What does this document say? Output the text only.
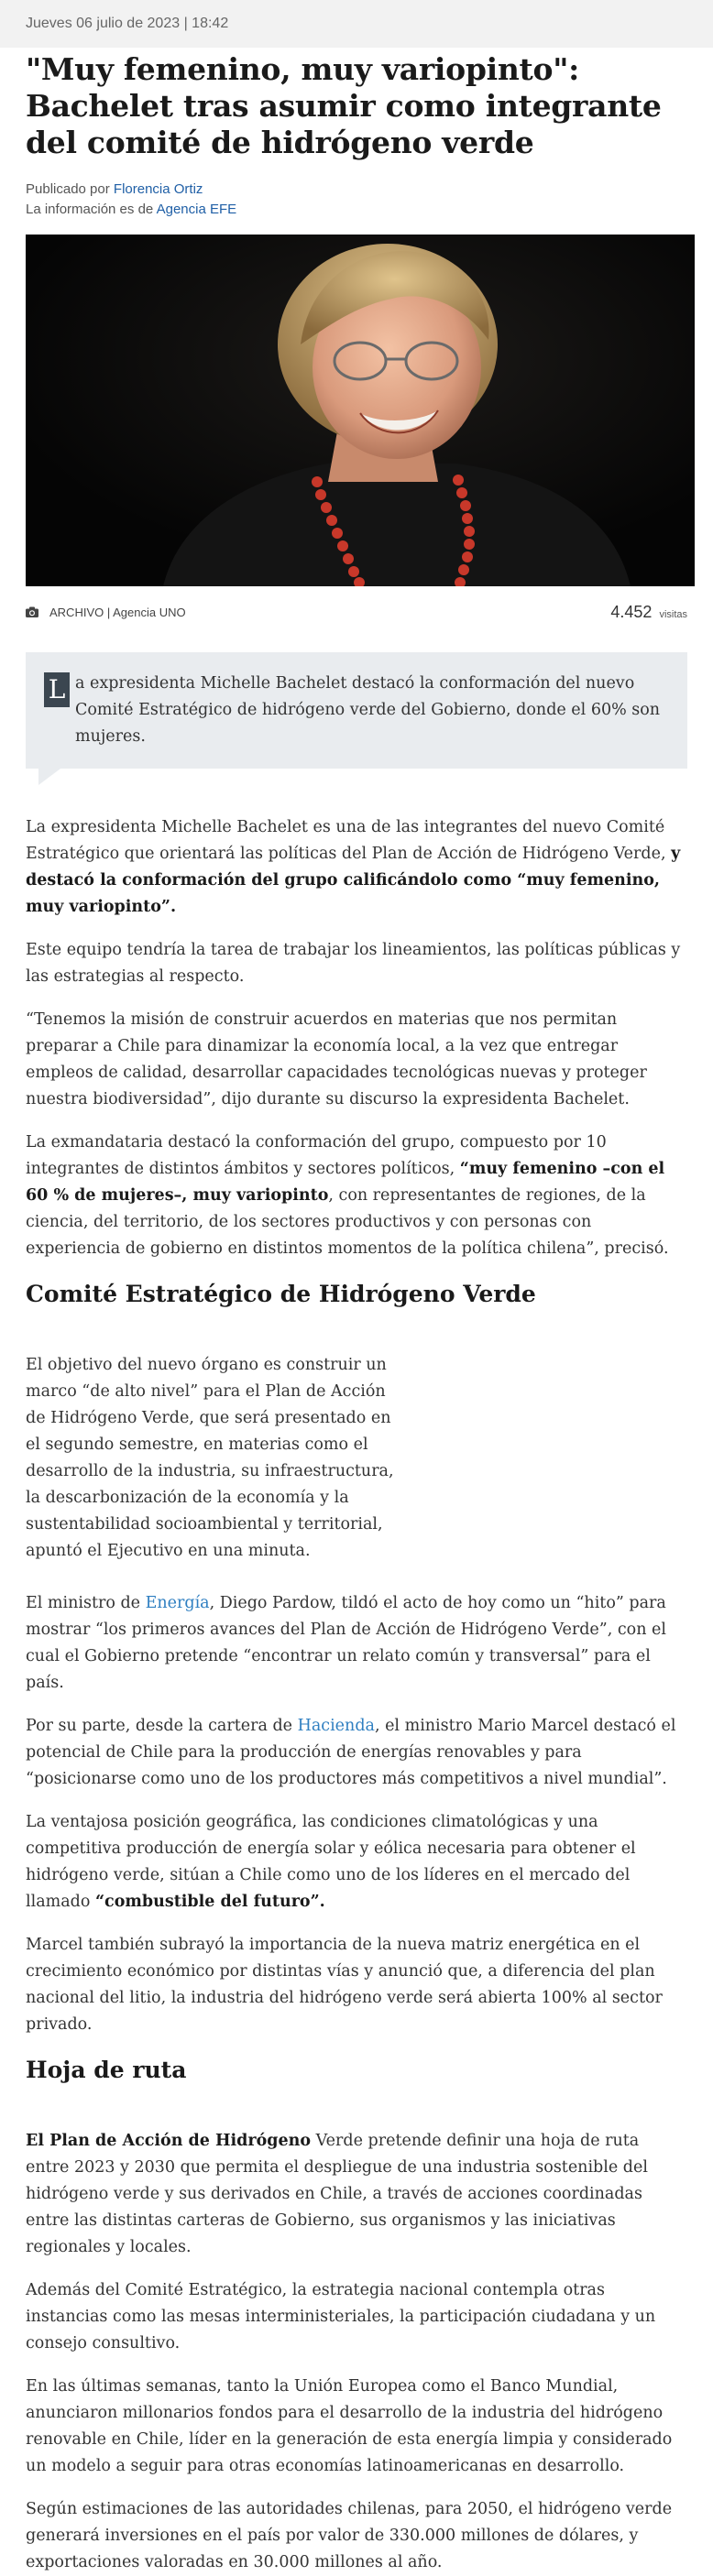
Jueves 06 julio de 2023 | 18:42
"Muy femenino, muy variopinto": Bachelet tras asumir como integrante del comité de hidrógeno verde
Publicado por Florencia Ortiz
La información es de Agencia EFE
ARCHIVO | Agencia UNO	4.452 visitas
L a expresidenta Michelle Bachelet destacó la conformación del nuevo Comité Estratégico de hidrógeno verde del Gobierno, donde el 60% son mujeres.

La expresidenta Michelle Bachelet es una de las integrantes del nuevo Comité Estratégico que orientará las políticas del Plan de Acción de Hidrógeno Verde, y destacó la conformación del grupo calificándolo como “muy femenino, muy variopinto”.

Este equipo tendría la tarea de trabajar los lineamientos, las políticas públicas y las estrategias al respecto.

“Tenemos la misión de construir acuerdos en materias que nos permitan preparar a Chile para dinamizar la economía local, a la vez que entregar empleos de calidad, desarrollar capacidades tecnológicas nuevas y proteger nuestra biodiversidad”, dijo durante su discurso la expresidenta Bachelet.

La exmandataria destacó la conformación del grupo, compuesto por 10 integrantes de distintos ámbitos y sectores políticos, “muy femenino –con el 60 % de mujeres–, muy variopinto, con representantes de regiones, de la ciencia, del territorio, de los sectores productivos y con personas con experiencia de gobierno en distintos momentos de la política chilena”, precisó.

Comité Estratégico de Hidrógeno Verde

El objetivo del nuevo órgano es construir un marco “de alto nivel” para el Plan de Acción de Hidrógeno Verde, que será presentado en el segundo semestre, en materias como el desarrollo de la industria, su infraestructura, la descarbonización de la economía y la sustentabilidad socioambiental y territorial, apuntó el Ejecutivo en una minuta.

El ministro de Energía, Diego Pardow, tildó el acto de hoy como un “hito” para mostrar “los primeros avances del Plan de Acción de Hidrógeno Verde”, con el cual el Gobierno pretende “encontrar un relato común y transversal” para el país.

Por su parte, desde la cartera de Hacienda, el ministro Mario Marcel destacó el potencial de Chile para la producción de energías renovables y para “posicionarse como uno de los productores más competitivos a nivel mundial”.

La ventajosa posición geográfica, las condiciones climatológicas y una competitiva producción de energía solar y eólica necesaria para obtener el hidrógeno verde, sitúan a Chile como uno de los líderes en el mercado del llamado “combustible del futuro”.

Marcel también subrayó la importancia de la nueva matriz energética en el crecimiento económico por distintas vías y anunció que, a diferencia del plan nacional del litio, la industria del hidrógeno verde será abierta 100% al sector privado.

Hoja de ruta

El Plan de Acción de Hidrógeno Verde pretende definir una hoja de ruta entre 2023 y 2030 que permita el despliegue de una industria sostenible del hidrógeno verde y sus derivados en Chile, a través de acciones coordinadas entre las distintas carteras de Gobierno, sus organismos y las iniciativas regionales y locales.

Además del Comité Estratégico, la estrategia nacional contempla otras instancias como las mesas interministeriales, la participación ciudadana y un consejo consultivo.

En las últimas semanas, tanto la Unión Europea como el Banco Mundial, anunciaron millonarios fondos para el desarrollo de la industria del hidrógeno renovable en Chile, líder en la generación de esta energía limpia y considerado un modelo a seguir para otras economías latinoamericanas en desarrollo.

Según estimaciones de las autoridades chilenas, para 2050, el hidrógeno verde generará inversiones en el país por valor de 330.000 millones de dólares, y exportaciones valoradas en 30.000 millones al año.
